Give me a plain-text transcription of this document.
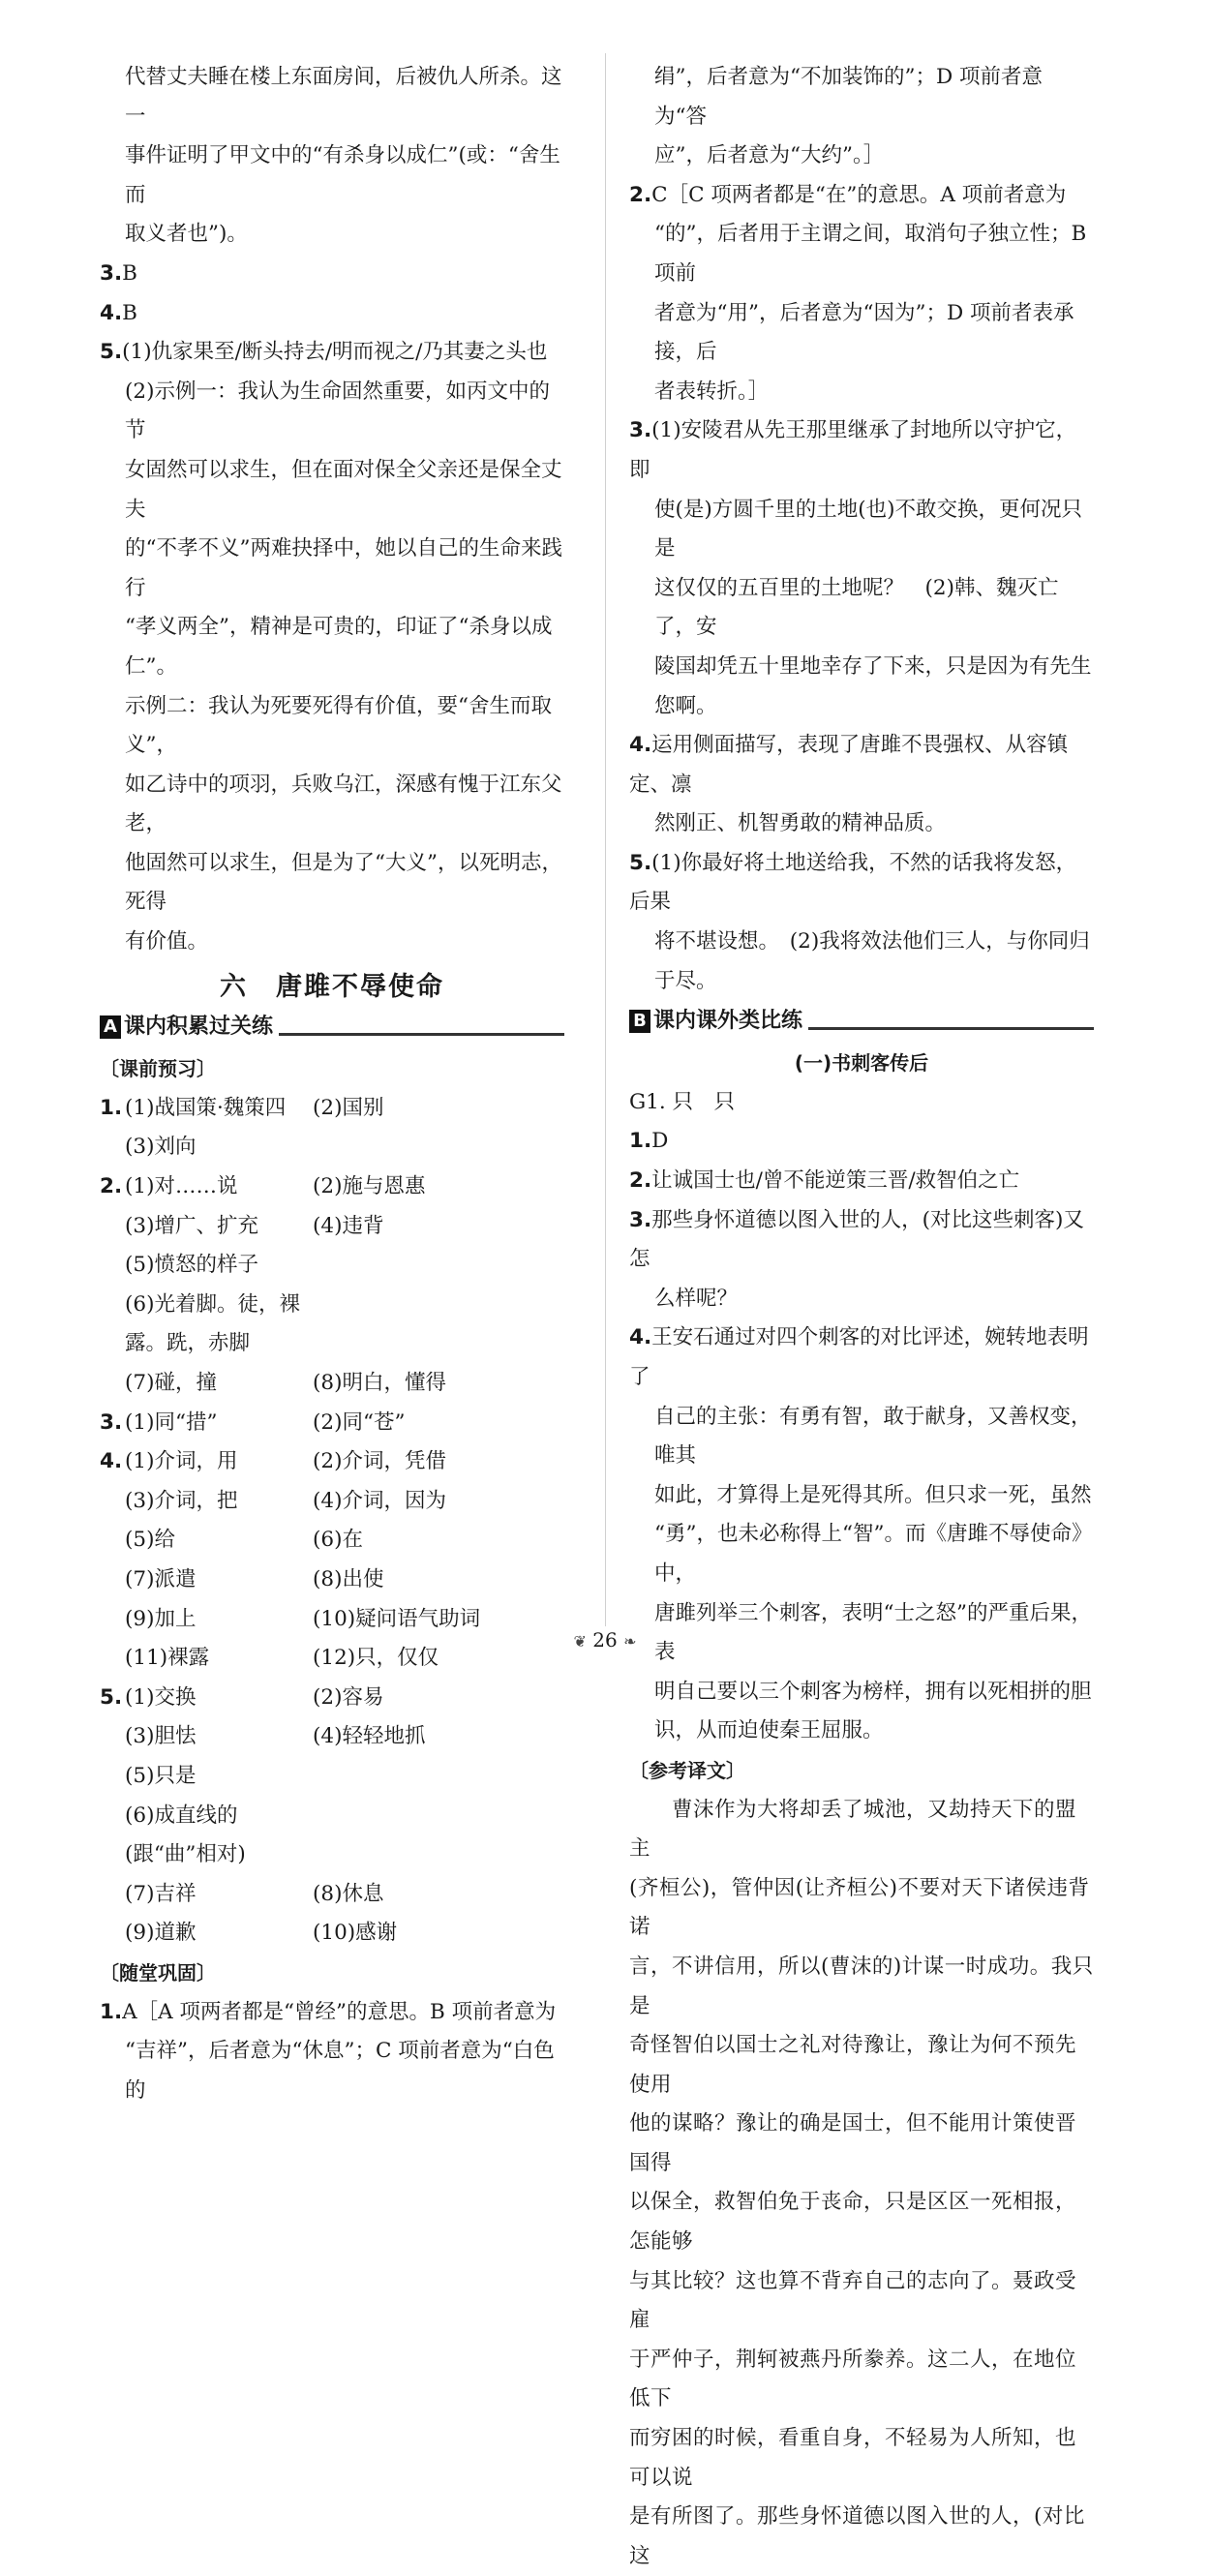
代替丈夫睡在楼上东面房间，后被仇人所杀。这一
事件证明了甲文中的“有杀身以成仁”(或：“舍生而
取义者也”)。
3.B
4.B
5.(1)仇家果至/断头持去/明而视之/乃其妻之头也
(2)示例一：我认为生命固然重要，如丙文中的节
女固然可以求生，但在面对保全父亲还是保全丈夫
的“不孝不义”两难抉择中，她以自己的生命来践行
“孝义两全”，精神是可贵的，印证了“杀身以成仁”。
示例二：我认为死要死得有价值，要“舍生而取义”，
如乙诗中的项羽，兵败乌江，深感有愧于江东父老，
他固然可以求生，但是为了“大义”，以死明志，死得
有价值。
六　唐雎不辱使命
A 课内积累过关练
〔课前预习〕
1. (1)战国策·魏策四	(2)国别
(3)刘向
2. (1)对……说	(2)施与恩惠
(3)增广、扩充	(4)违背
(5)愤怒的样子
(6)光着脚。徒，裸露。跣，赤脚
(7)碰，撞	(8)明白，懂得
3. (1)同“措”	(2)同“苍”
4. (1)介词，用	(2)介词，凭借
(3)介词，把	(4)介词，因为
(5)给	(6)在
(7)派遣	(8)出使
(9)加上	(10)疑问语气助词
(11)裸露	(12)只，仅仅
5. (1)交换	(2)容易
(3)胆怯	(4)轻轻地抓
(5)只是
(6)成直线的(跟“曲”相对)
(7)吉祥	(8)休息
(9)道歉	(10)感谢
〔随堂巩固〕
1.A［A 项两者都是“曾经”的意思。B 项前者意为
“吉祥”，后者意为“休息”；C 项前者意为“白色的
绢”，后者意为“不加装饰的”；D 项前者意为“答
应”，后者意为“大约”。］
2.C［C 项两者都是“在”的意思。A 项前者意为
“的”，后者用于主谓之间，取消句子独立性；B 项前
者意为“用”，后者意为“因为”；D 项前者表承接，后
者表转折。］
3.(1)安陵君从先王那里继承了封地所以守护它，即
使(是)方圆千里的土地(也)不敢交换，更何况只是
这仅仅的五百里的土地呢？　(2)韩、魏灭亡了，安
陵国却凭五十里地幸存了下来，只是因为有先生
您啊。
4.运用侧面描写，表现了唐雎不畏强权、从容镇定、凛
然刚正、机智勇敢的精神品质。
5.(1)你最好将土地送给我，不然的话我将发怒，后果
将不堪设想。　(2)我将效法他们三人，与你同归
于尽。
B 课内课外类比练
(一)书刺客传后
G1. 只　只
1.D
2.让诚国士也/曾不能逆策三晋/救智伯之亡
3.那些身怀道德以图入世的人，(对比这些刺客)又怎
么样呢？
4.王安石通过对四个刺客的对比评述，婉转地表明了
自己的主张：有勇有智，敢于献身，又善权变，唯其
如此，才算得上是死得其所。但只求一死，虽然
“勇”，也未必称得上“智”。而《唐雎不辱使命》中，
唐雎列举三个刺客，表明“士之怒”的严重后果，表
明自己要以三个刺客为榜样，拥有以死相拼的胆
识，从而迫使秦王屈服。
〔参考译文〕
　　曹沫作为大将却丢了城池，又劫持天下的盟主
(齐桓公)，管仲因(让齐桓公)不要对天下诸侯违背诺
言，不讲信用，所以(曹沫的)计谋一时成功。我只是
奇怪智伯以国士之礼对待豫让，豫让为何不预先使用
他的谋略？豫让的确是国士，但不能用计策使晋国得
以保全，救智伯免于丧命，只是区区一死相报，怎能够
与其比较？这也算不背弃自己的志向了。聂政受雇
于严仲子，荆轲被燕丹所豢养。这二人，在地位低下
而穷困的时候，看重自身，不轻易为人所知，也可以说
是有所图了。那些身怀道德以图入世的人，(对比这
❦ 26 ❧
